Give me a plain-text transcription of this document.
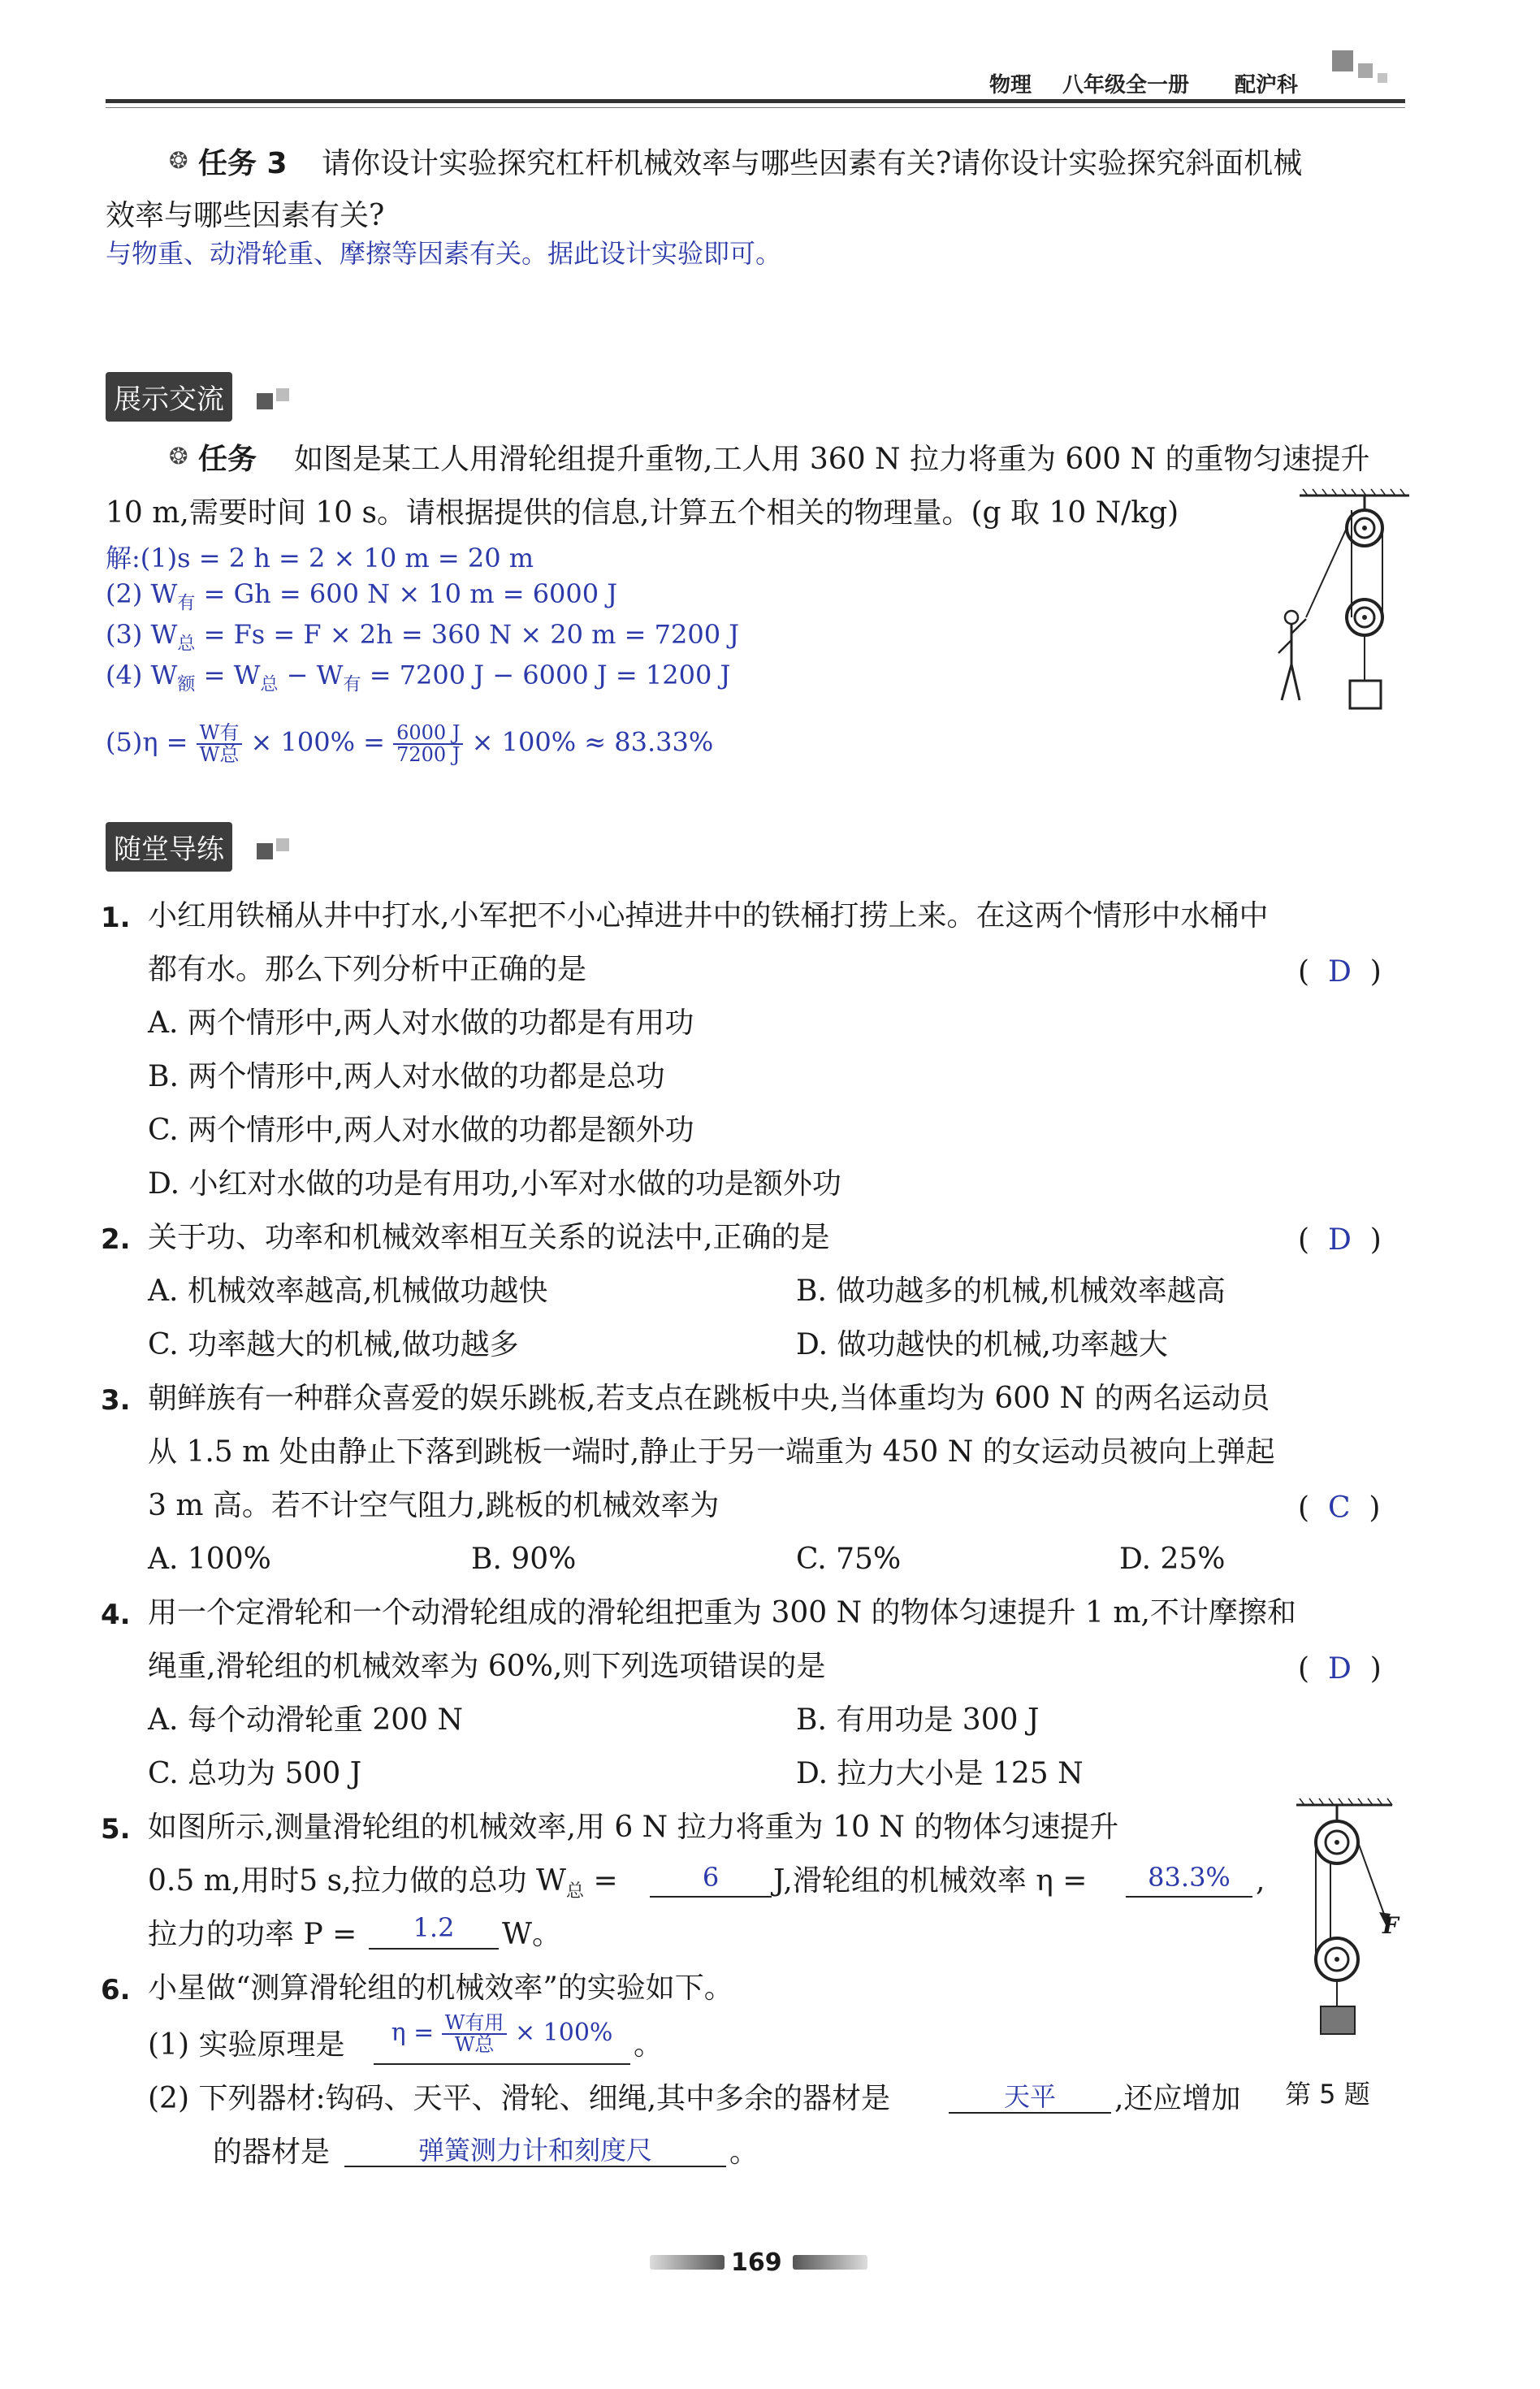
物理 八年级全一册 配沪科
❂ 任务 3 请你设计实验探究杠杆机械效率与哪些因素有关?请你设计实验探究斜面机械
效率与哪些因素有关?
与物重、动滑轮重、摩擦等因素有关。据此设计实验即可。
展示交流
❂ 任务 如图是某工人用滑轮组提升重物,工人用 360 N 拉力将重为 600 N 的重物匀速提升
10 m,需要时间 10 s。请根据提供的信息,计算五个相关的物理量。(g 取 10 N/kg)
解:(1)s = 2 h = 2 × 10 m = 20 m
(2) $W_有 = Gh = 600$ N × 10 m = 6000 J
(3) $W_总 = Fs = F \times 2h = 360$ N × 20 m = 7200 J
(4) $W_额 = W_总 - W_有 = 7200$ J − 6000 J = 1200 J
$(5)\eta = \frac{\text{W有}}{\text{W总}} \times 100\% = \frac{6000 J}{7200 J} \times 100\% \approx 83.33\%$
随堂导练
1. 小红用铁桶从井中打水,小军把不小心掉进井中的铁桶打捞上来。在这两个情形中水桶中
都有水。那么下列分析中正确的是	(  D  )
A. 两个情形中,两人对水做的功都是有用功
B. 两个情形中,两人对水做的功都是总功
C. 两个情形中,两人对水做的功都是额外功
D. 小红对水做的功是有用功,小军对水做的功是额外功
2. 关于功、功率和机械效率相互关系的说法中,正确的是	(  D  )
A. 机械效率越高,机械做功越快	B. 做功越多的机械,机械效率越高
C. 功率越大的机械,做功越多	D. 做功越快的机械,功率越大
3. 朝鲜族有一种群众喜爱的娱乐跳板,若支点在跳板中央,当体重均为 600 N 的两名运动员
从 1.5 m 处由静止下落到跳板一端时,静止于另一端重为 450 N 的女运动员被向上弹起
3 m 高。若不计空气阻力,跳板的机械效率为	(  C  )
A. 100%	B. 90%	C. 75%	D. 25%
4. 用一个定滑轮和一个动滑轮组成的滑轮组把重为 300 N 的物体匀速提升 1 m,不计摩擦和
绳重,滑轮组的机械效率为 60%,则下列选项错误的是	(  D  )
A. 每个动滑轮重 200 N	B. 有用功是 300 J
C. 总功为 500 J	D. 拉力大小是 125 N
5. 如图所示,测量滑轮组的机械效率,用 6 N 拉力将重为 10 N 的物体匀速提升
0.5 m,用时5 s,拉力做的总功 $W_总$ =	6	J,滑轮组的机械效率 η =	83.3% ,
拉力的功率 P =	1.2	W。	F
第 5 题
6. 小星做“测算滑轮组的机械效率”的实验如下。
(1) 实验原理是	$\eta = \frac{\text{W有用}}{\text{W总}} \times 100\%$ 。
(2) 下列器材:钩码、天平、滑轮、细绳,其中多余的器材是	天平	,还应增加
的器材是	弹簧测力计和刻度尺	。
169
